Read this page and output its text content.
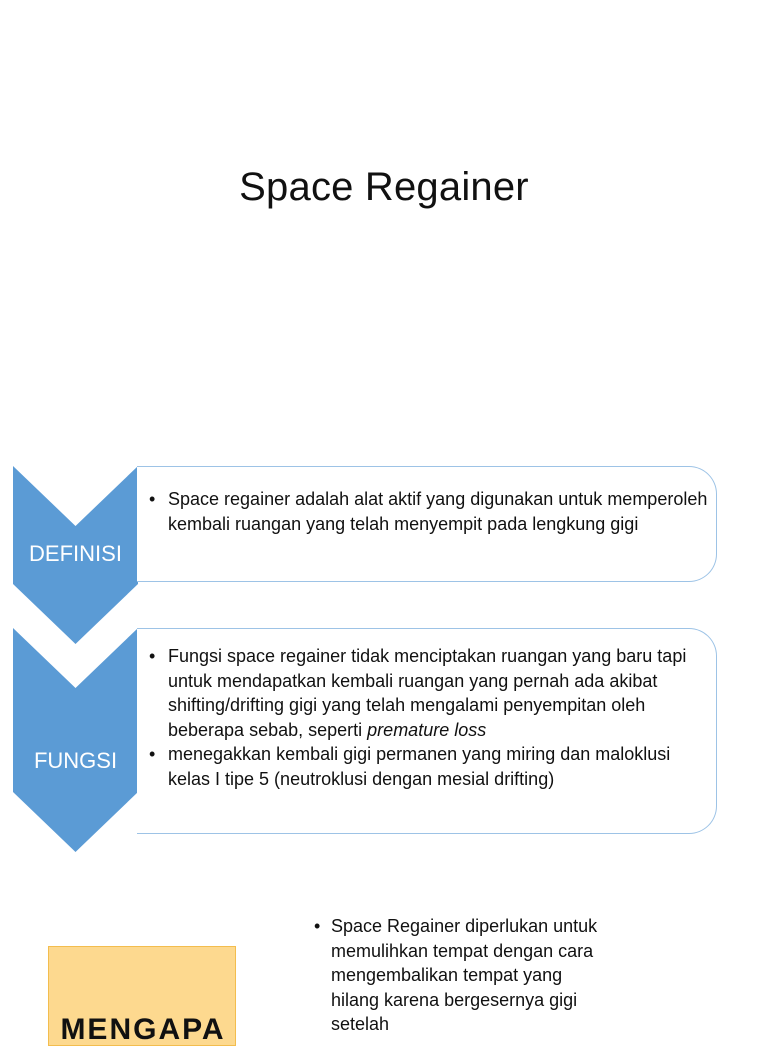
Space Regainer
DEFINISI
• Space regainer adalah alat aktif yang digunakan untuk memperoleh kembali ruangan yang telah menyempit pada lengkung gigi
FUNGSI
• Fungsi space regainer tidak menciptakan ruangan yang baru tapi untuk mendapatkan kembali ruangan yang pernah ada akibat shifting/drifting gigi yang telah mengalami penyempitan oleh beberapa sebab, seperti premature loss
• menegakkan kembali gigi permanen yang miring dan maloklusi kelas I tipe 5 (neutroklusi dengan mesial drifting)
MENGAPA
• Space Regainer diperlukan untuk memulihkan tempat dengan cara mengembalikan tempat yang hilang karena bergesernya gigi setelah
